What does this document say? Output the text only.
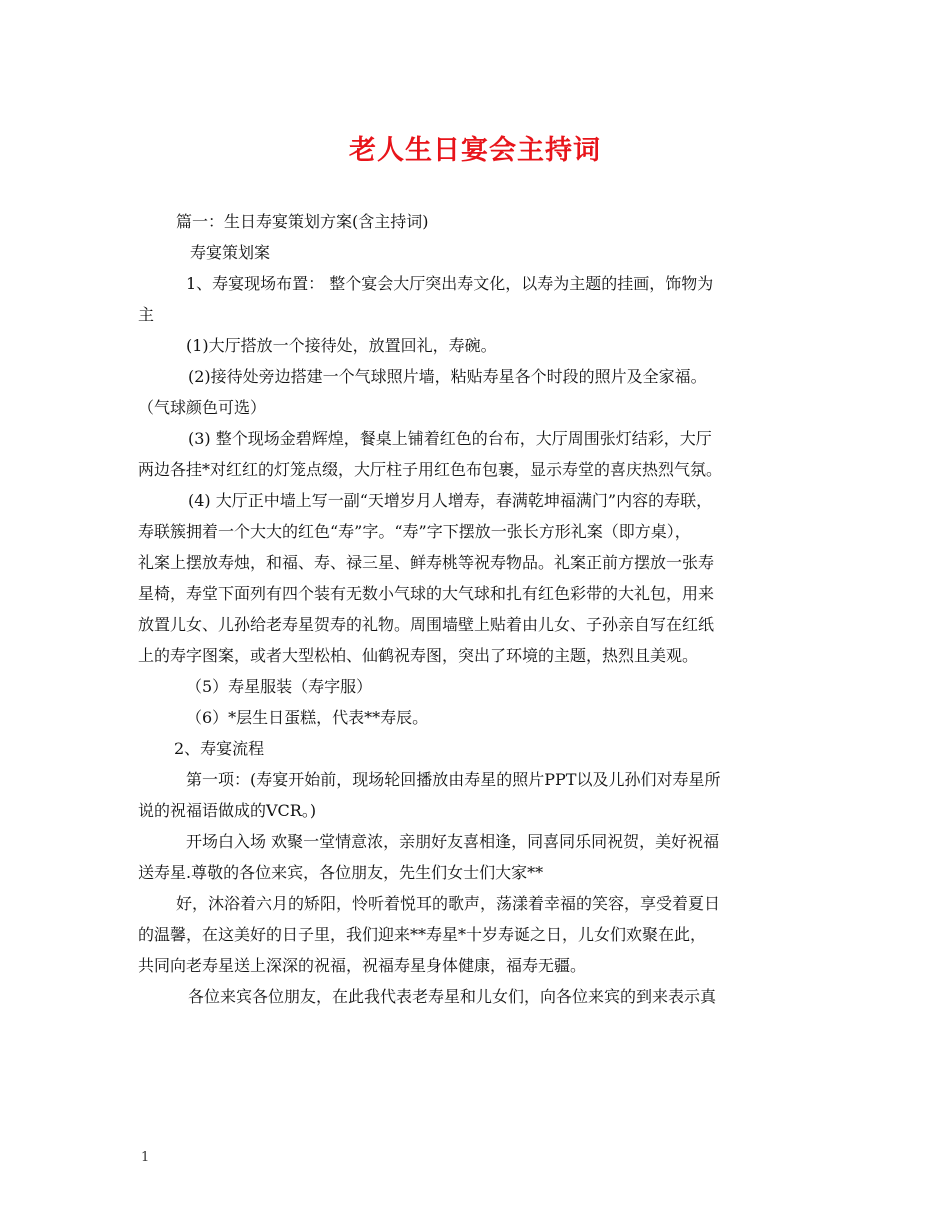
老人生日宴会主持词
篇一：生日寿宴策划方案(含主持词)
寿宴策划案
1、寿宴现场布置： 整个宴会大厅突出寿文化，以寿为主题的挂画，饰物为
主
(1)大厅搭放一个接待处，放置回礼，寿碗。
(2)接待处旁边搭建一个气球照片墙，粘贴寿星各个时段的照片及全家福。
（气球颜色可选）
(3) 整个现场金碧辉煌，餐桌上铺着红色的台布，大厅周围张灯结彩，大厅
两边各挂*对红红的灯笼点缀，大厅柱子用红色布包裹，显示寿堂的喜庆热烈气氛。
(4) 大厅正中墙上写一副“天增岁月人增寿，春满乾坤福满门”内容的寿联，
寿联簇拥着一个大大的红色“寿”字。“寿”字下摆放一张长方形礼案（即方桌），
礼案上摆放寿烛，和福、寿、禄三星、鲜寿桃等祝寿物品。礼案正前方摆放一张寿
星椅，寿堂下面列有四个装有无数小气球的大气球和扎有红色彩带的大礼包，用来
放置儿女、儿孙给老寿星贺寿的礼物。周围墙壁上贴着由儿女、子孙亲自写在红纸
上的寿字图案，或者大型松柏、仙鹤祝寿图，突出了环境的主题，热烈且美观。
（5）寿星服装（寿字服）
（6）*层生日蛋糕，代表**寿辰。
2、寿宴流程
第一项：(寿宴开始前，现场轮回播放由寿星的照片PPT以及儿孙们对寿星所
说的祝福语做成的VCR。)
开场白入场 欢聚一堂情意浓，亲朋好友喜相逢，同喜同乐同祝贺，美好祝福
送寿星.尊敬的各位来宾，各位朋友，先生们女士们大家**
好，沐浴着六月的矫阳，怜听着悦耳的歌声，荡漾着幸福的笑容，享受着夏日
的温馨，在这美好的日子里，我们迎来**寿星*十岁寿诞之日，儿女们欢聚在此，
共同向老寿星送上深深的祝福，祝福寿星身体健康，福寿无疆。
各位来宾各位朋友，在此我代表老寿星和儿女们，向各位来宾的到来表示真
1
